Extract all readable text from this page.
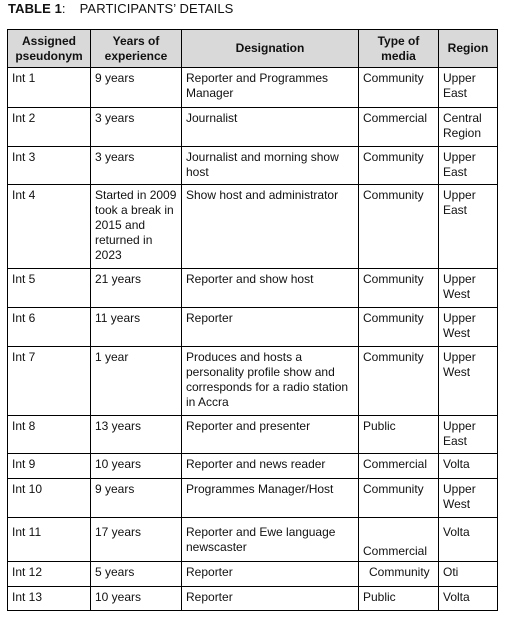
TABLE 1: PARTICIPANTS’ DETAILS
Assigned pseudonym	Years of experience	Designation	Type of media	Region
Int 1	9 years	Reporter and Programmes Manager	Community	Upper East
Int 2	3 years	Journalist	Commercial	Central Region
Int 3	3 years	Journalist and morning show host	Community	Upper East
Int 4	Started in 2009 took a break in 2015 and returned in 2023	Show host and administrator	Community	Upper East
Int 5	21 years	Reporter and show host	Community	Upper West
Int 6	11 years	Reporter	Community	Upper West
Int 7	1 year	Produces and hosts a personality profile show and corresponds for a radio station in Accra	Community	Upper West
Int 8	13 years	Reporter and presenter	Public	Upper East
Int 9	10 years	Reporter and news reader	Commercial	Volta
Int 10	9 years	Programmes Manager/Host	Community	Upper West
Int 11	17 years	Reporter and Ewe language newscaster	Commercial	Volta
Int 12	5 years	Reporter	Community	Oti
Int 13	10 years	Reporter	Public	Volta
